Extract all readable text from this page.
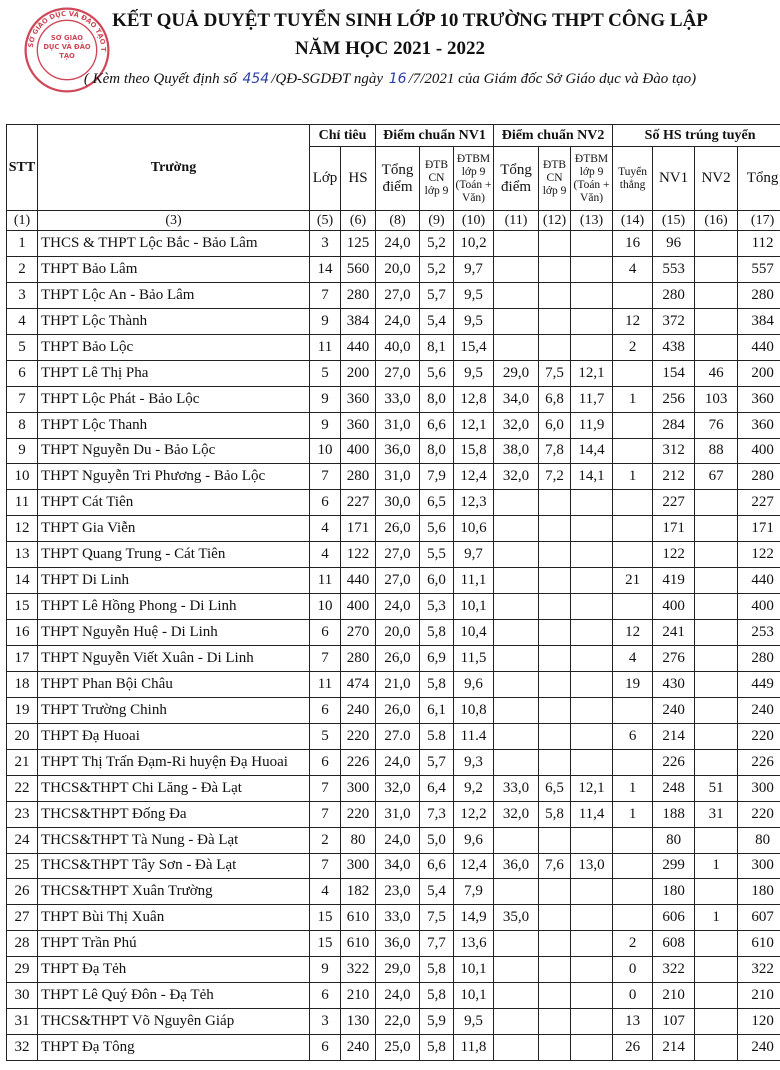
SỞ GIÁO DỤC VÀ ĐÀO TẠO T
SỞ GIÁO DỤC VÀ ĐÀO TẠO
KẾT QUẢ DUYỆT TUYỂN SINH LỚP 10 TRƯỜNG THPT CÔNG LẬP
NĂM HỌC 2021 - 2022
( Kèm theo Quyết định số 454 /QĐ-SGDĐT ngày 16 /7/2021 của Giám đốc Sở Giáo dục và Đào tạo)
STT	Trường	Chỉ tiêu		Điểm chuẩn NV1			Điểm chuẩn NV2			Số HS trúng tuyển			
		Lớp	HS	Tổng điểm	ĐTB CN lớp 9	ĐTBM lớp 9 (Toán + Văn)	Tổng điểm	ĐTB CN lớp 9	ĐTBM lớp 9 (Toán + Văn)	Tuyển thẳng	NV1	NV2	Tổng
(1)	(3)	(5)	(6)	(8)	(9)	(10)	(11)	(12)	(13)	(14)	(15)	(16)	(17)
1	THCS & THPT Lộc Bắc - Bảo Lâm	3	125	24,0	5,2	10,2				16	96		112
2	THPT Bảo Lâm	14	560	20,0	5,2	9,7				4	553		557
3	THPT Lộc An - Bảo Lâm	7	280	27,0	5,7	9,5					280		280
4	THPT Lộc Thành	9	384	24,0	5,4	9,5				12	372		384
5	THPT Bảo Lộc	11	440	40,0	8,1	15,4				2	438		440
6	THPT Lê Thị Pha	5	200	27,0	5,6	9,5	29,0	7,5	12,1		154	46	200
7	THPT Lộc Phát - Bảo Lộc	9	360	33,0	8,0	12,8	34,0	6,8	11,7	1	256	103	360
8	THPT Lộc Thanh	9	360	31,0	6,6	12,1	32,0	6,0	11,9		284	76	360
9	THPT Nguyễn Du - Bảo Lộc	10	400	36,0	8,0	15,8	38,0	7,8	14,4		312	88	400
10	THPT Nguyễn Tri Phương - Bảo Lộc	7	280	31,0	7,9	12,4	32,0	7,2	14,1	1	212	67	280
11	THPT Cát Tiên	6	227	30,0	6,5	12,3					227		227
12	THPT Gia Viễn	4	171	26,0	5,6	10,6					171		171
13	THPT Quang Trung - Cát Tiên	4	122	27,0	5,5	9,7					122		122
14	THPT Di Linh	11	440	27,0	6,0	11,1				21	419		440
15	THPT Lê Hồng Phong - Di Linh	10	400	24,0	5,3	10,1					400		400
16	THPT Nguyễn Huệ - Di Linh	6	270	20,0	5,8	10,4				12	241		253
17	THPT Nguyễn Viết Xuân - Di Linh	7	280	26,0	6,9	11,5				4	276		280
18	THPT Phan Bội Châu	11	474	21,0	5,8	9,6				19	430		449
19	THPT Trường Chinh	6	240	26,0	6,1	10,8					240		240
20	THPT Đạ Huoai	5	220	27.0	5.8	11.4				6	214		220
21	THPT Thị Trấn Đạm-Ri huyện Đạ Huoai	6	226	24,0	5,7	9,3					226		226
22	THCS&THPT Chi Lăng - Đà Lạt	7	300	32,0	6,4	9,2	33,0	6,5	12,1	1	248	51	300
23	THCS&THPT Đống Đa	7	220	31,0	7,3	12,2	32,0	5,8	11,4	1	188	31	220
24	THCS&THPT Tà Nung - Đà Lạt	2	80	24,0	5,0	9,6					80		80
25	THCS&THPT Tây Sơn - Đà Lạt	7	300	34,0	6,6	12,4	36,0	7,6	13,0		299	1	300
26	THCS&THPT Xuân Trường	4	182	23,0	5,4	7,9					180		180
27	THPT Bùi Thị Xuân	15	610	33,0	7,5	14,9	35,0				606	1	607
28	THPT Trần Phú	15	610	36,0	7,7	13,6				2	608		610
29	THPT Đạ Tẻh	9	322	29,0	5,8	10,1				0	322		322
30	THPT Lê Quý Đôn - Đạ Tẻh	6	210	24,0	5,8	10,1				0	210		210
31	THCS&THPT Võ Nguyên Giáp	3	130	22,0	5,9	9,5				13	107		120
32	THPT Đạ Tông	6	240	25,0	5,8	11,8				26	214		240
